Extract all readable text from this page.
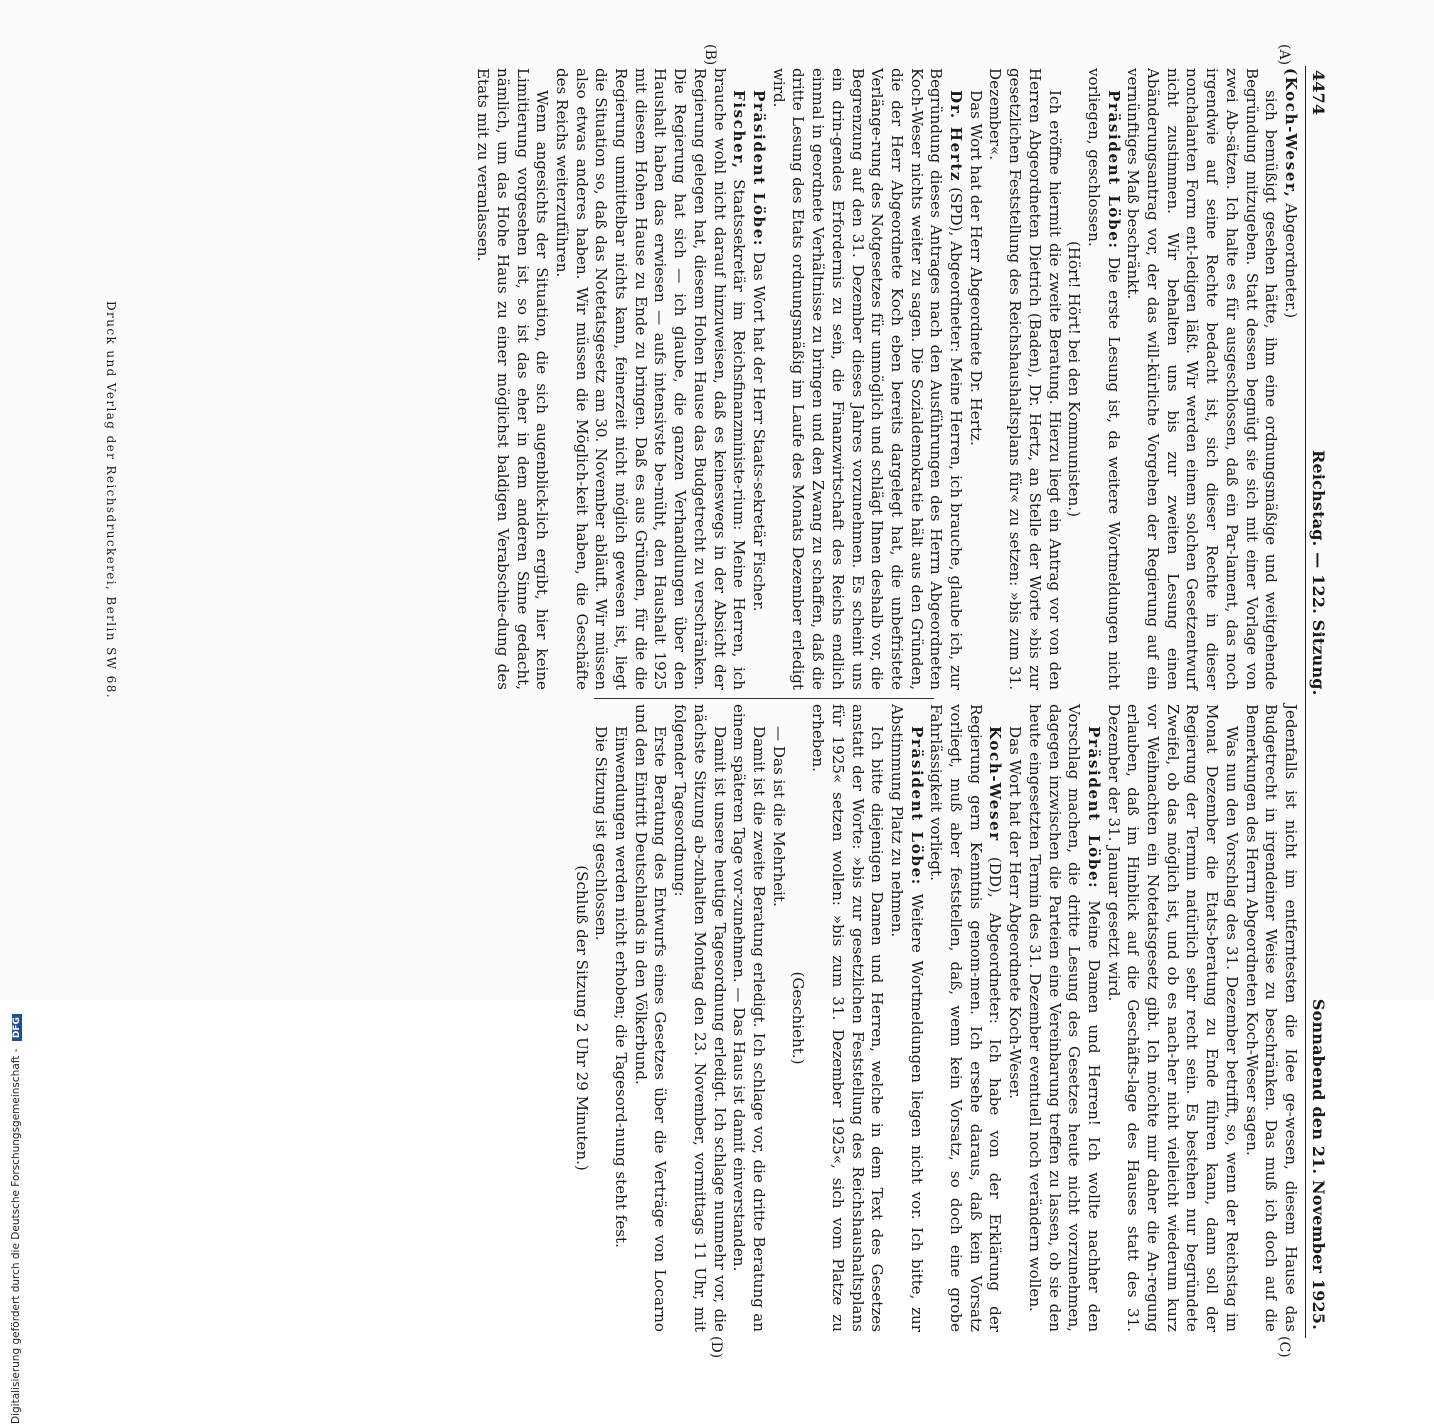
4474
Reichstag. — 122. Sitzung.
Sonnabend den 21. November 1925.
(A)
(B)
(C)
(D)

(Koch-Weser, Abgeordneter.)

sich bemüßigt gesehen hätte, ihm eine ordnungsmäßige und weitgehende Begründung mitzugeben. Statt dessen begnügt sie sich mit einer Vorlage von zwei Ab-sätzen. Ich halte es für ausgeschlossen, daß ein Par-lament, das noch irgendwie auf seine Rechte bedacht ist, sich dieser Rechte in dieser nonchalanten Form ent-ledigen läßt. Wir werden einem solchen Gesetzentwurf nicht zustimmen. Wir behalten uns bis zur zweiten Lesung einen Abänderungsantrag vor, der das will-kürliche Vorgehen der Regierung auf ein vernünftiges Maß beschränkt.

Präsident Löbe: Die erste Lesung ist, da weitere Wortmeldungen nicht vorliegen, geschlossen.

(Hört! Hört! bei den Kommunisten.)

Ich eröffne hiermit die zweite Beratung. Hierzu liegt ein Antrag vor von den Herren Abgeordneten Dietrich (Baden), Dr. Hertz, an Stelle der Worte »bis zur gesetzlichen Feststellung des Reichshaushaltsplans für« zu setzen: »bis zum 31. Dezember«.

Das Wort hat der Herr Abgeordnete Dr. Hertz.

Dr. Hertz (SPD), Abgeordneter: Meine Herren, ich brauche, glaube ich, zur Begründung dieses Antrages nach den Ausführungen des Herrn Abgeordneten Koch-Weser nichts weiter zu sagen. Die Sozialdemokratie hält aus den Gründen, die der Herr Abgeordnete Koch eben bereits dargelegt hat, die unbefristete Verlänge-rung des Notgesetzes für unmöglich und schlägt Ihnen deshalb vor, die Begrenzung auf den 31. Dezember dieses Jahres vorzunehmen. Es scheint uns ein drin-gendes Erfordernis zu sein, die Finanzwirtschaft des Reichs endlich einmal in geordnete Verhältnisse zu bringen und den Zwang zu schaffen, daß die dritte Lesung des Etats ordnungsmäßig im Laufe des Monats Dezember erledigt wird.

Präsident Löbe: Das Wort hat der Herr Staats-sekretär Fischer.

Fischer, Staatssekretär im Reichsfinanzministe-rium: Meine Herren, ich brauche wohl nicht darauf hinzuweisen, daß es keineswegs in der Absicht der Regierung gelegen hat, diesem Hohen Hause das Budgetrecht zu verschränken. Die Regierung hat sich — ich glaube, die ganzen Verhandlungen über den Haushalt haben das erwiesen — aufs intensivste be-müht, den Haushalt 1925 mit diesem Hohen Hause zu Ende zu bringen. Daß es aus Gründen, für die die Regierung unmittelbar nichts kann, feinerzeit nicht möglich gewesen ist, liegt die Situation so, daß das Notetatsgesetz am 30. November abläuft. Wir müssen also etwas anderes haben. Wir müssen die Möglich-keit haben, die Geschäfte des Reichs weiterzuführen.

Wenn angesichts der Situation, die sich augenblick-lich ergibt, hier keine Limitierung vorgesehen ist, so ist das eher in dem anderen Sinne gedacht, nämlich, um das Hohe Haus zu einer möglichst baldigen Verabschie-dung des Etats mit zu veranlassen.

Jedenfalls ist nicht im entferntesten die Idee ge-wesen, diesem Hause das Budgetrecht in irgendeiner Weise zu beschränken. Das muß ich doch auf die Bemerkungen des Herrn Abgeordneten Koch-Weser sagen.

Was nun den Vorschlag des 31. Dezember betrifft, so, wenn der Reichstag im Monat Dezember die Etats-beratung zu Ende führen kann, dann soll der Regierung der Termin natürlich sehr recht sein. Es bestehen nur begründete Zweifel, ob das möglich ist, und ob es nach-her nicht vielleicht wiederum kurz vor Weihnachten ein Notetatsgesetz gibt. Ich möchte mir daher die An-regung erlauben, daß im Hinblick auf die Geschäfts-lage des Hauses statt des 31. Dezember der 31. Januar gesetzt wird.

Präsident Löbe: Meine Damen und Herren! Ich wollte nachher den Vorschlag machen, die dritte Lesung des Gesetzes heute nicht vorzunehmen, dagegen inzwischen die Parteien eine Vereinbarung treffen zu lassen, ob sie den heute eingesetzten Termin des 31. Dezember eventuell noch verändern wollen.

Das Wort hat der Herr Abgeordnete Koch-Weser.

Koch-Weser (DD), Abgeordneter: Ich habe von der Erklärung der Regierung gern Kenntnis genom-men. Ich ersehe daraus, daß kein Vorsatz vorliegt, muß aber feststellen, daß, wenn kein Vorsatz, so doch eine grobe Fahrlässigkeit vorliegt.

Präsident Löbe: Weitere Wortmeldungen liegen nicht vor. Ich bitte, zur Abstimmung Platz zu nehmen.

Ich bitte diejenigen Damen und Herren, welche in dem Text des Gesetzes anstatt der Worte: »bis zur gesetzlichen Feststellung des Reichshaushaltsplans für 1925« setzen wollen: »bis zum 31. Dezember 1925«, sich vom Platze zu erheben.

(Geschieht.)

— Das ist die Mehrheit.

Damit ist die zweite Beratung erledigt. Ich schlage vor, die dritte Beratung an einem späteren Tage vor-zunehmen. — Das Haus ist damit einverstanden.

Damit ist unsere heutige Tagesordnung erledigt. Ich schlage nunmehr vor, die nächste Sitzung ab-zuhalten Montag den 23. November, vormittags 11 Uhr, mit folgender Tagesordnung:

Erste Beratung des Entwurfs eines Gesetzes über die Verträge von Locarno und den Eintritt Deutschlands in den Völkerbund.

Einwendungen werden nicht erhoben; die Tagesord-nung steht fest.

Die Sitzung ist geschlossen.

(Schluß der Sitzung 2 Uhr 29 Minuten.)

Druck und Verlag der Reichsdruckerei, Berlin SW 68.
Digitalisierung gefördert durch die Deutsche Forschungsgemeinschaft - DFG
